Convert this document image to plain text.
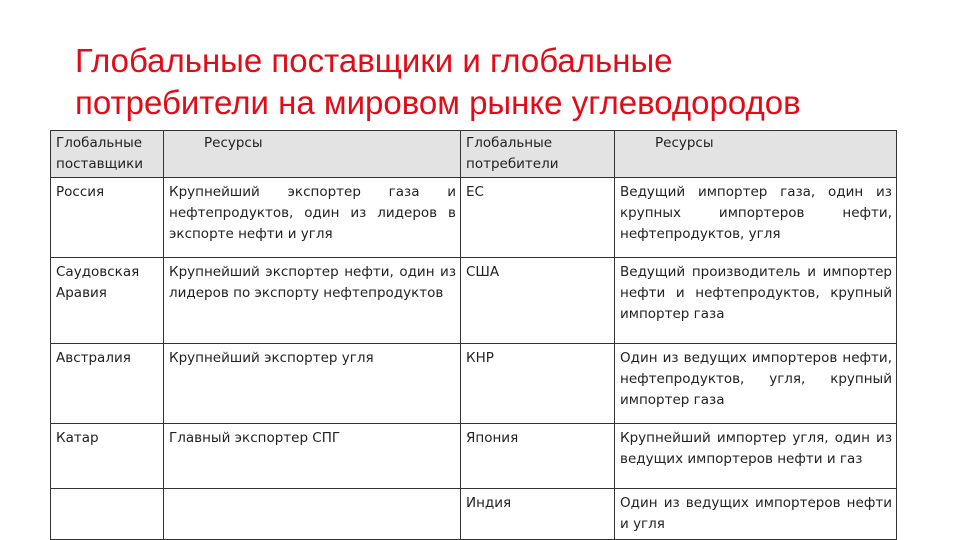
Глобальные поставщики и глобальные
потребители на мировом рынке углеводородов
Глобальные поставщики	Ресурсы	Глобальные потребители	Ресурсы
Россия	Крупнейший экспортер газа и нефтепродуктов, один из лидеров в экспорте нефти и угля	ЕС	Ведущий импортер газа, один из крупных импортеров нефти, нефтепродуктов, угля
Саудовская Аравия	Крупнейший экспортер нефти, один из лидеров по экспорту нефтепродуктов	США	Ведущий производитель и импортер нефти и нефтепродуктов, крупный импортер газа
Австралия	Крупнейший экспортер угля	КНР	Один из ведущих импортеров нефти, нефтепродуктов, угля, крупный импортер газа
Катар	Главный экспортер СПГ	Япония	Крупнейший импортер угля, один из ведущих импортеров нефти и газ
		Индия	Один из ведущих импортеров нефти и угля
